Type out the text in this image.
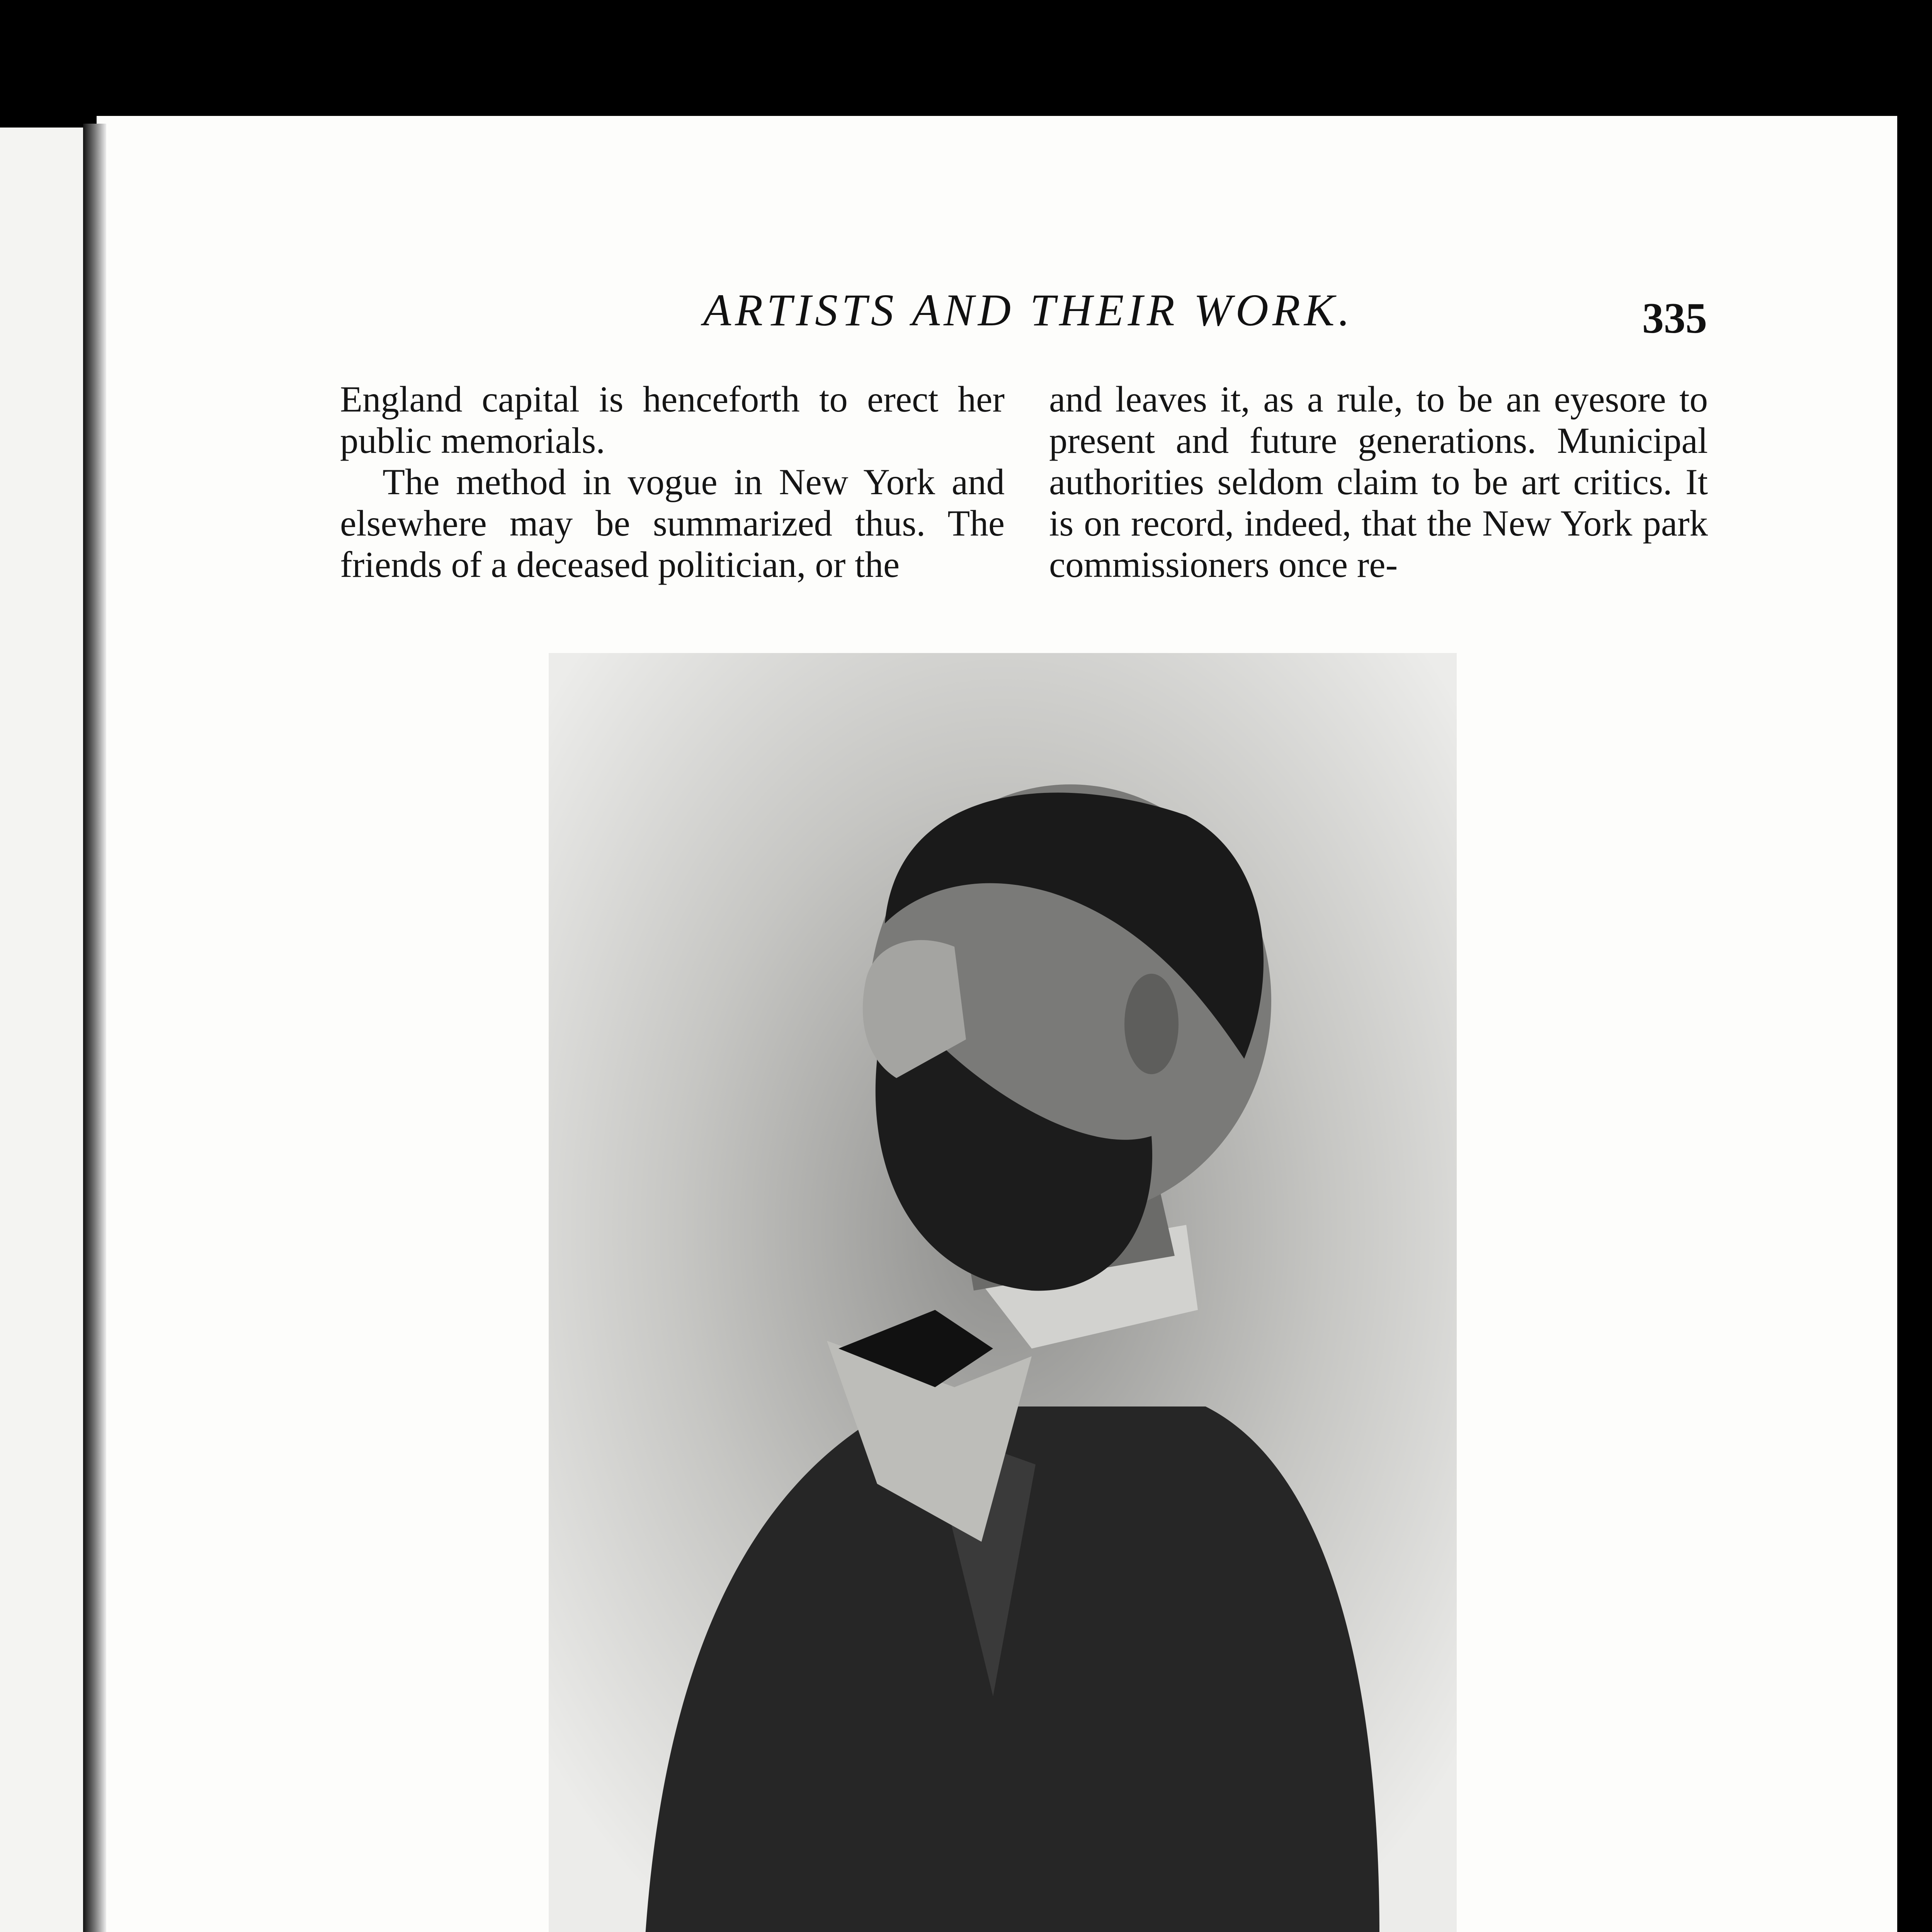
ARTISTS AND THEIR WORK.	335

England capital is henceforth to erect her public memorials.

The method in vogue in New York and elsewhere may be summarized thus. The friends of a deceased politician, or the

and leaves it, as a rule, to be an eyesore to present and future generations. Municipal authorities seldom claim to be art critics. It is on record, indeed, that the New York park commissioners once re-
